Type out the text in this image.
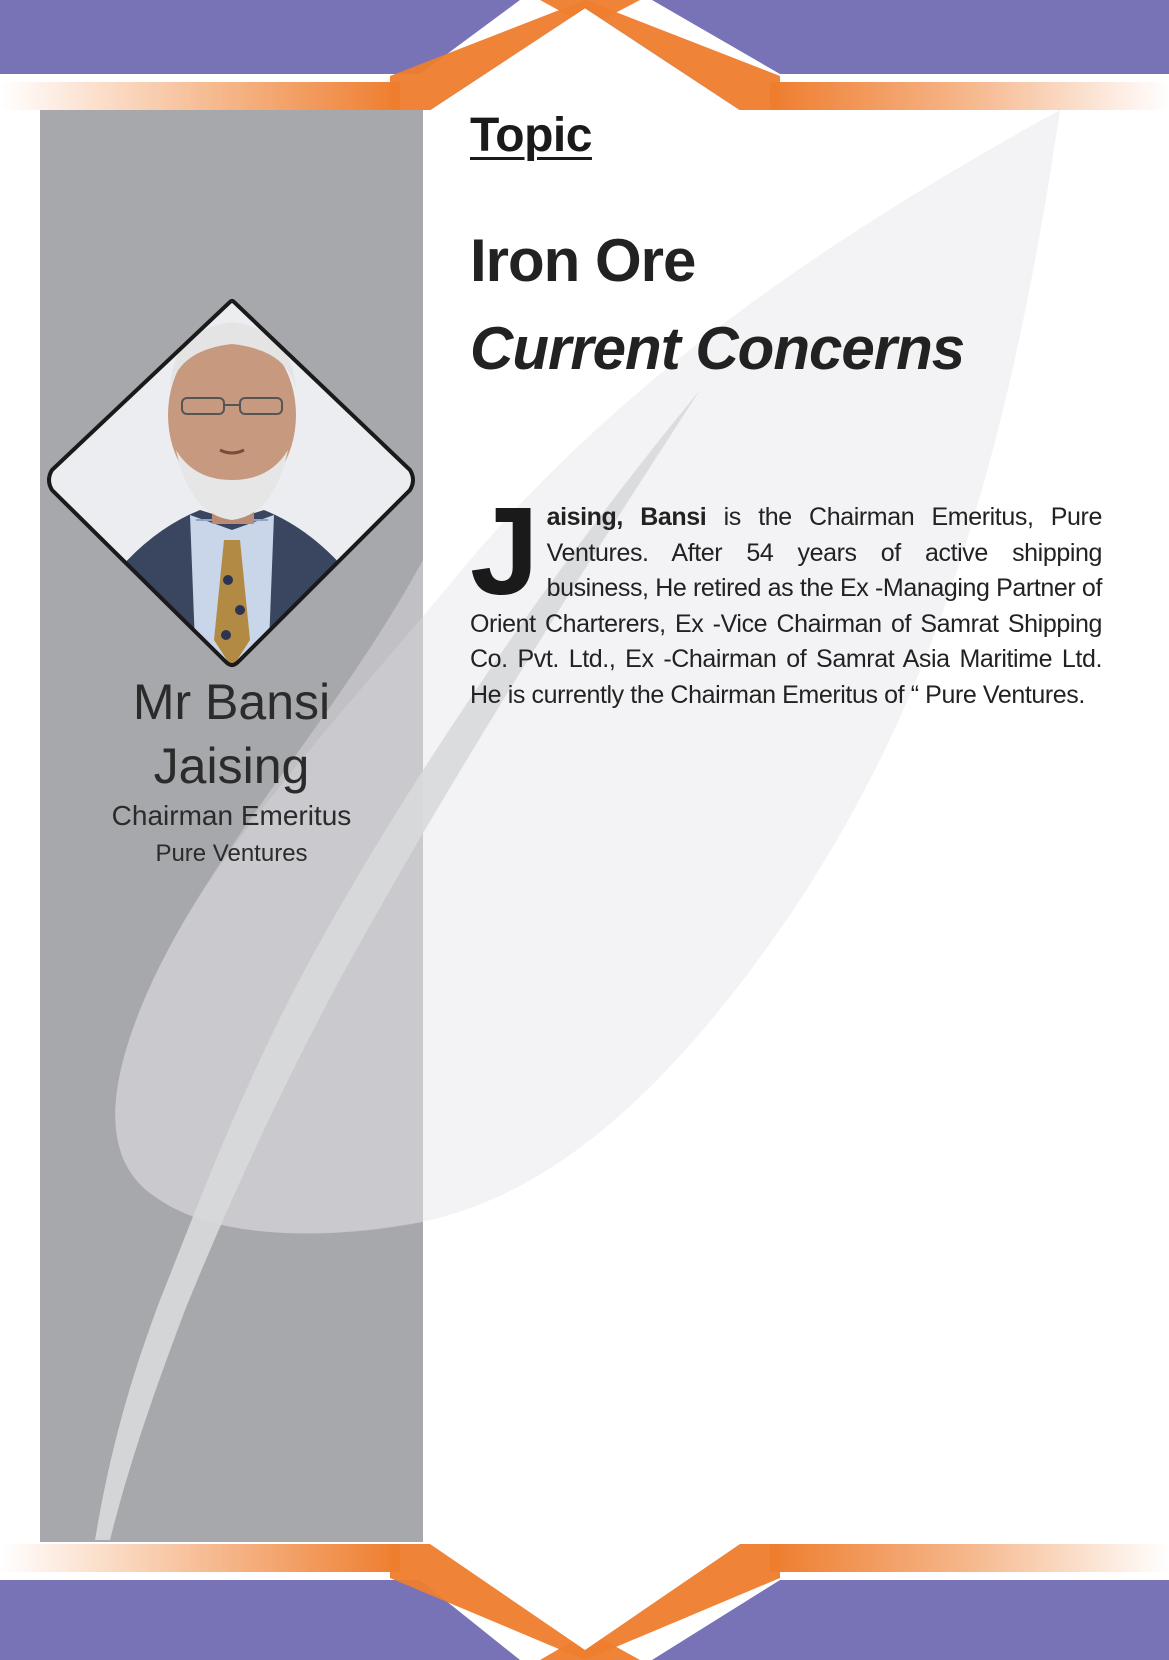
Topic
Iron Ore
Current Concerns
Jaising, Bansi is the Chairman Emeritus, Pure Ventures. After 54 years of active shipping business, He retired as the Ex -Managing Partner of Orient Charterers, Ex -Vice Chairman of Samrat Shipping Co. Pvt. Ltd., Ex -Chairman of Samrat Asia Maritime Ltd. He is currently the Chairman Emeritus of “ Pure Ventures.
Mr Bansi
Jaising
Chairman Emeritus
Pure Ventures
